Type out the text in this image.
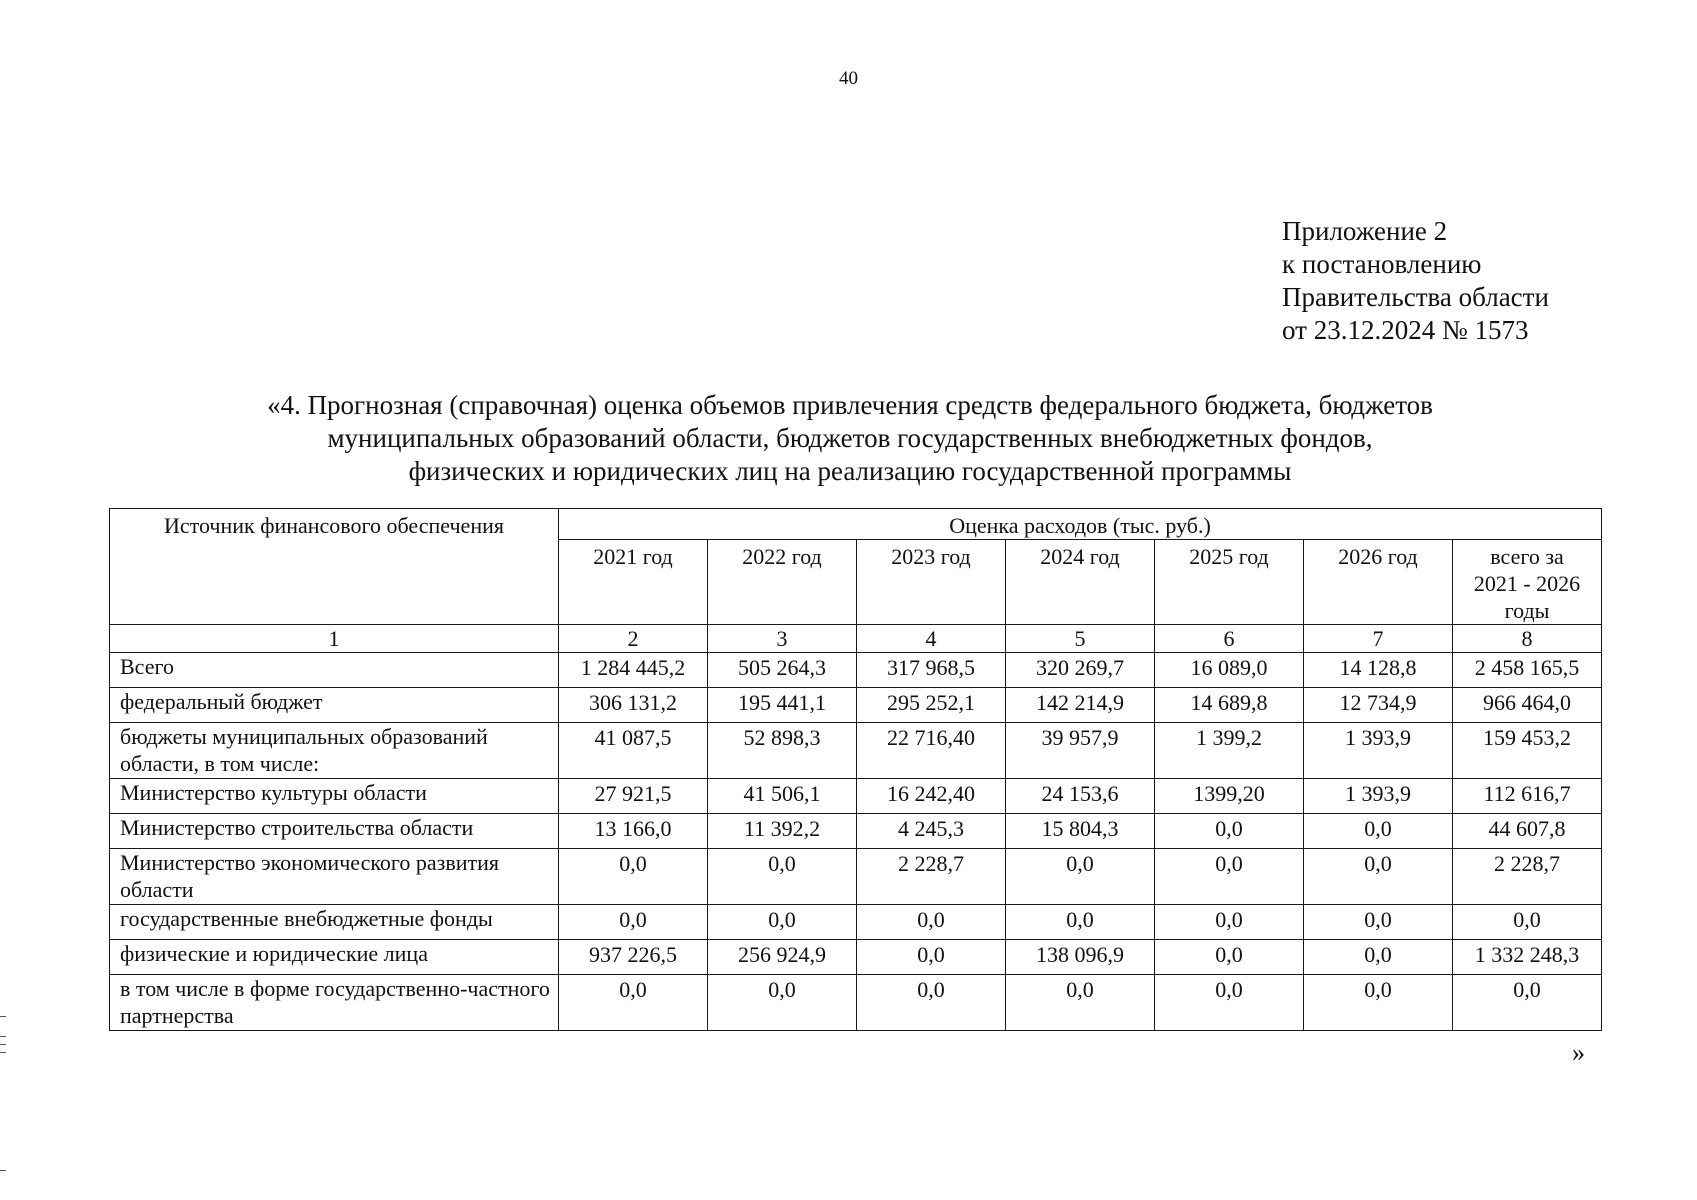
40
Приложение 2
к постановлению
Правительства области
от 23.12.2024 № 1573
«4. Прогнозная (справочная) оценка объемов привлечения средств федерального бюджета, бюджетов
муниципальных образований области, бюджетов государственных внебюджетных фондов,
физических и юридических лиц на реализацию государственной программы
Источник финансового обеспечения	Оценка расходов (тыс. руб.)						
	2021 год	2022 год	2023 год	2024 год	2025 год	2026 год	всего за
2021 - 2026
годы

1	2	3	4	5	6	7	8
Всего	1 284 445,2	505 264,3	317 968,5	320 269,7	16 089,0	14 128,8	2 458 165,5
федеральный бюджет	306 131,2	195 441,1	295 252,1	142 214,9	14 689,8	12 734,9	966 464,0
бюджеты муниципальных образований области, в том числе:	41 087,5	52 898,3	22 716,40	39 957,9	1 399,2	1 393,9	159 453,2
Министерство культуры области	27 921,5	41 506,1	16 242,40	24 153,6	1399,20	1 393,9	112 616,7
Министерство строительства области	13 166,0	11 392,2	4 245,3	15 804,3	0,0	0,0	44 607,8
Министерство экономического развития области	0,0	0,0	2 228,7	0,0	0,0	0,0	2 228,7
государственные внебюджетные фонды	0,0	0,0	0,0	0,0	0,0	0,0	0,0
физические и юридические лица	937 226,5	256 924,9	0,0	138 096,9	0,0	0,0	1 332 248,3
в том числе в форме государственно-частного партнерства	0,0	0,0	0,0	0,0	0,0	0,0	0,0
»
